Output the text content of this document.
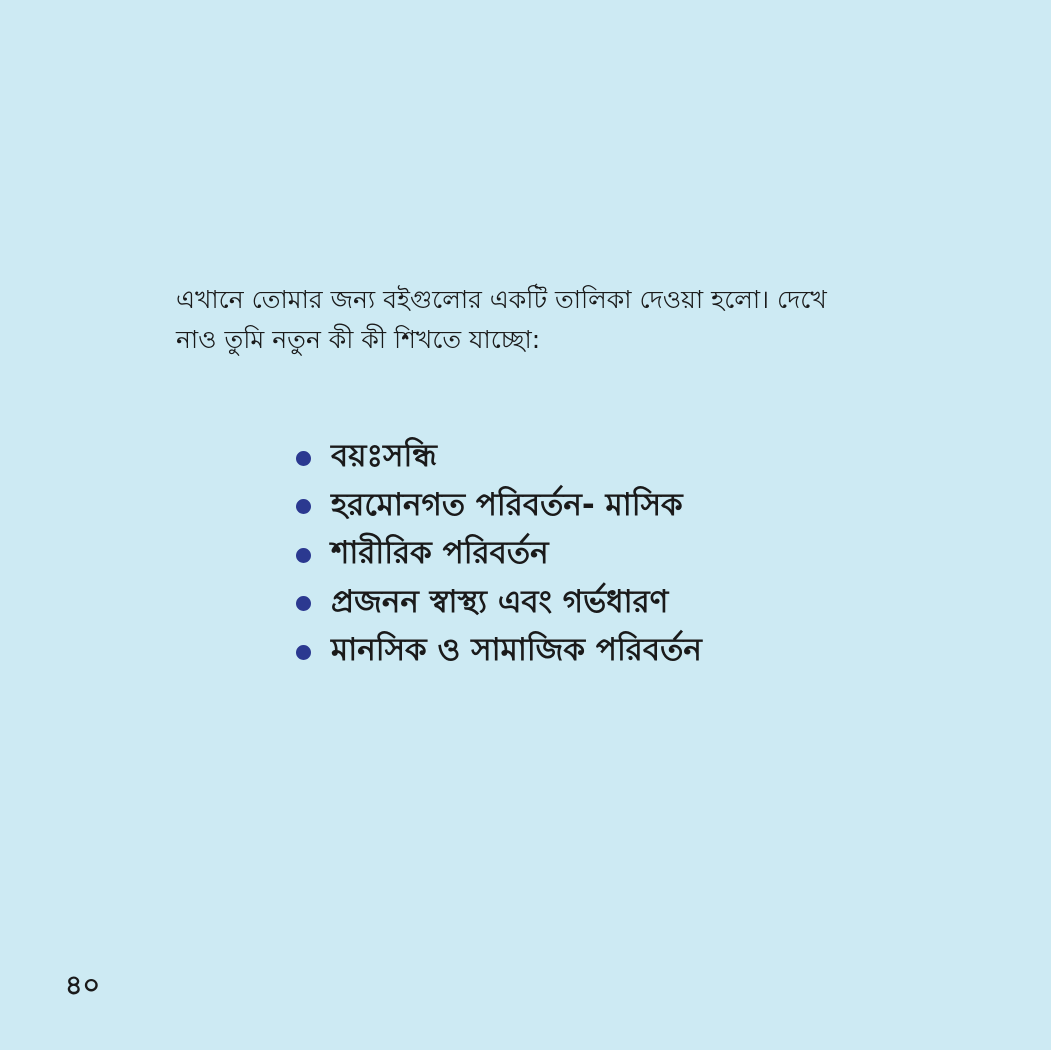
এখানে তোমার জন্য বইগুলোর একটি তালিকা দেওয়া হলো। দেখে
নাও তুমি নতুন কী কী শিখতে যাচ্ছো:

বয়ঃসন্ধি
হরমোনগত পরিবর্তন- মাসিক
শারীরিক পরিবর্তন
প্রজনন স্বাস্থ্য এবং গর্ভধারণ
মানসিক ও সামাজিক পরিবর্তন
৪০
